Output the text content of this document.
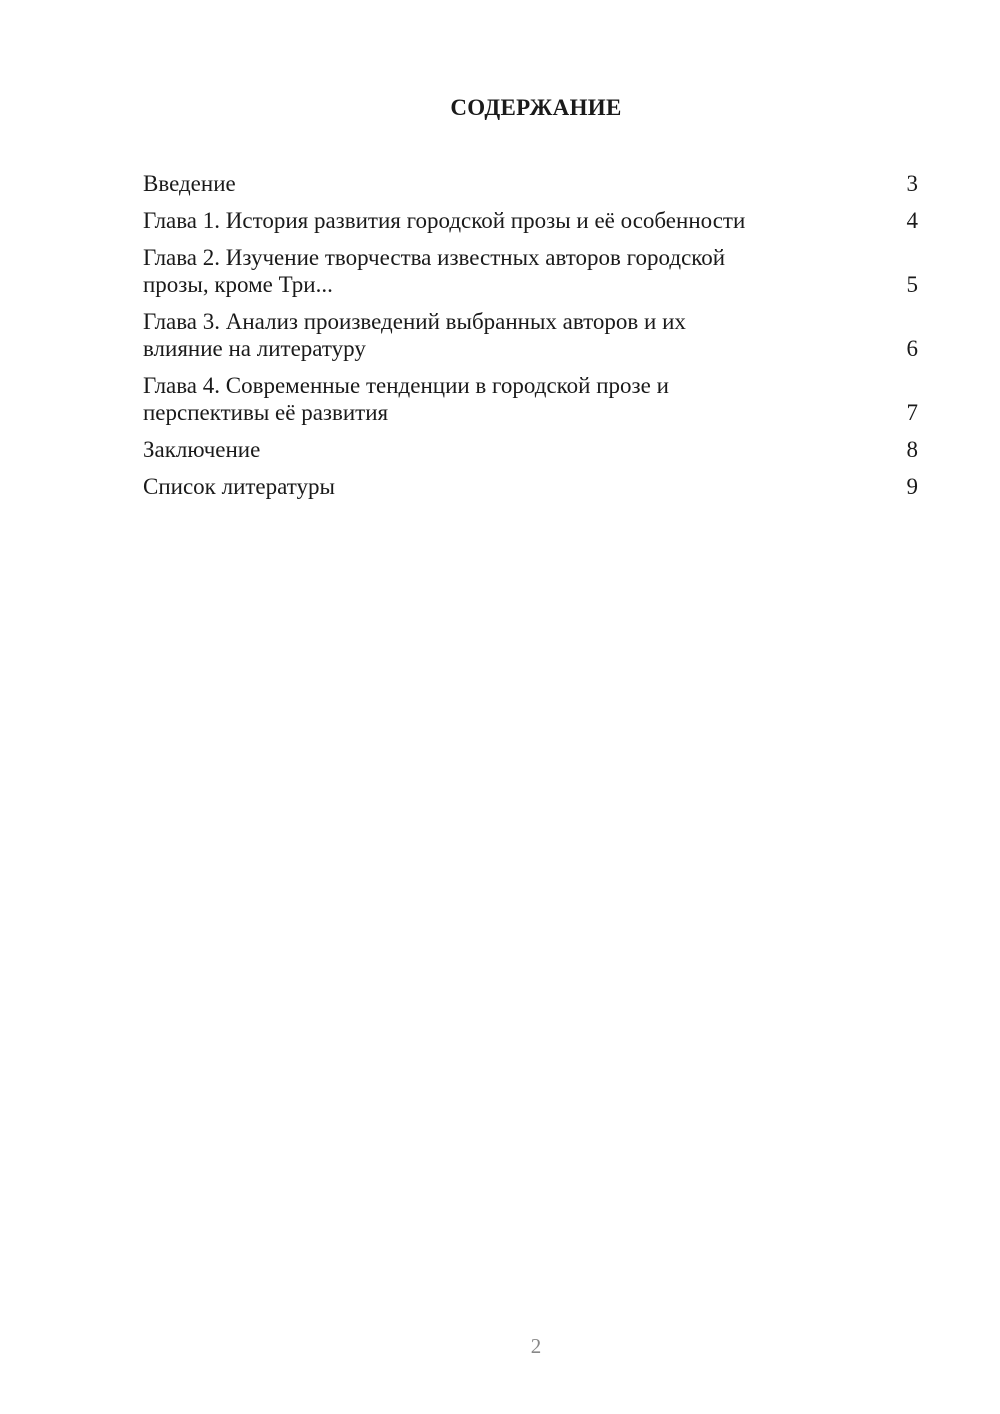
СОДЕРЖАНИЕ
Введение	3
Глава 1. История развития городской прозы и её особенности	4
Глава 2. Изучение творчества известных авторов городской прозы, кроме Три...	5
Глава 3. Анализ произведений выбранных авторов и их влияние на литературу	6
Глава 4. Современные тенденции в городской прозе и перспективы её развития	7
Заключение	8
Список литературы	9
2
